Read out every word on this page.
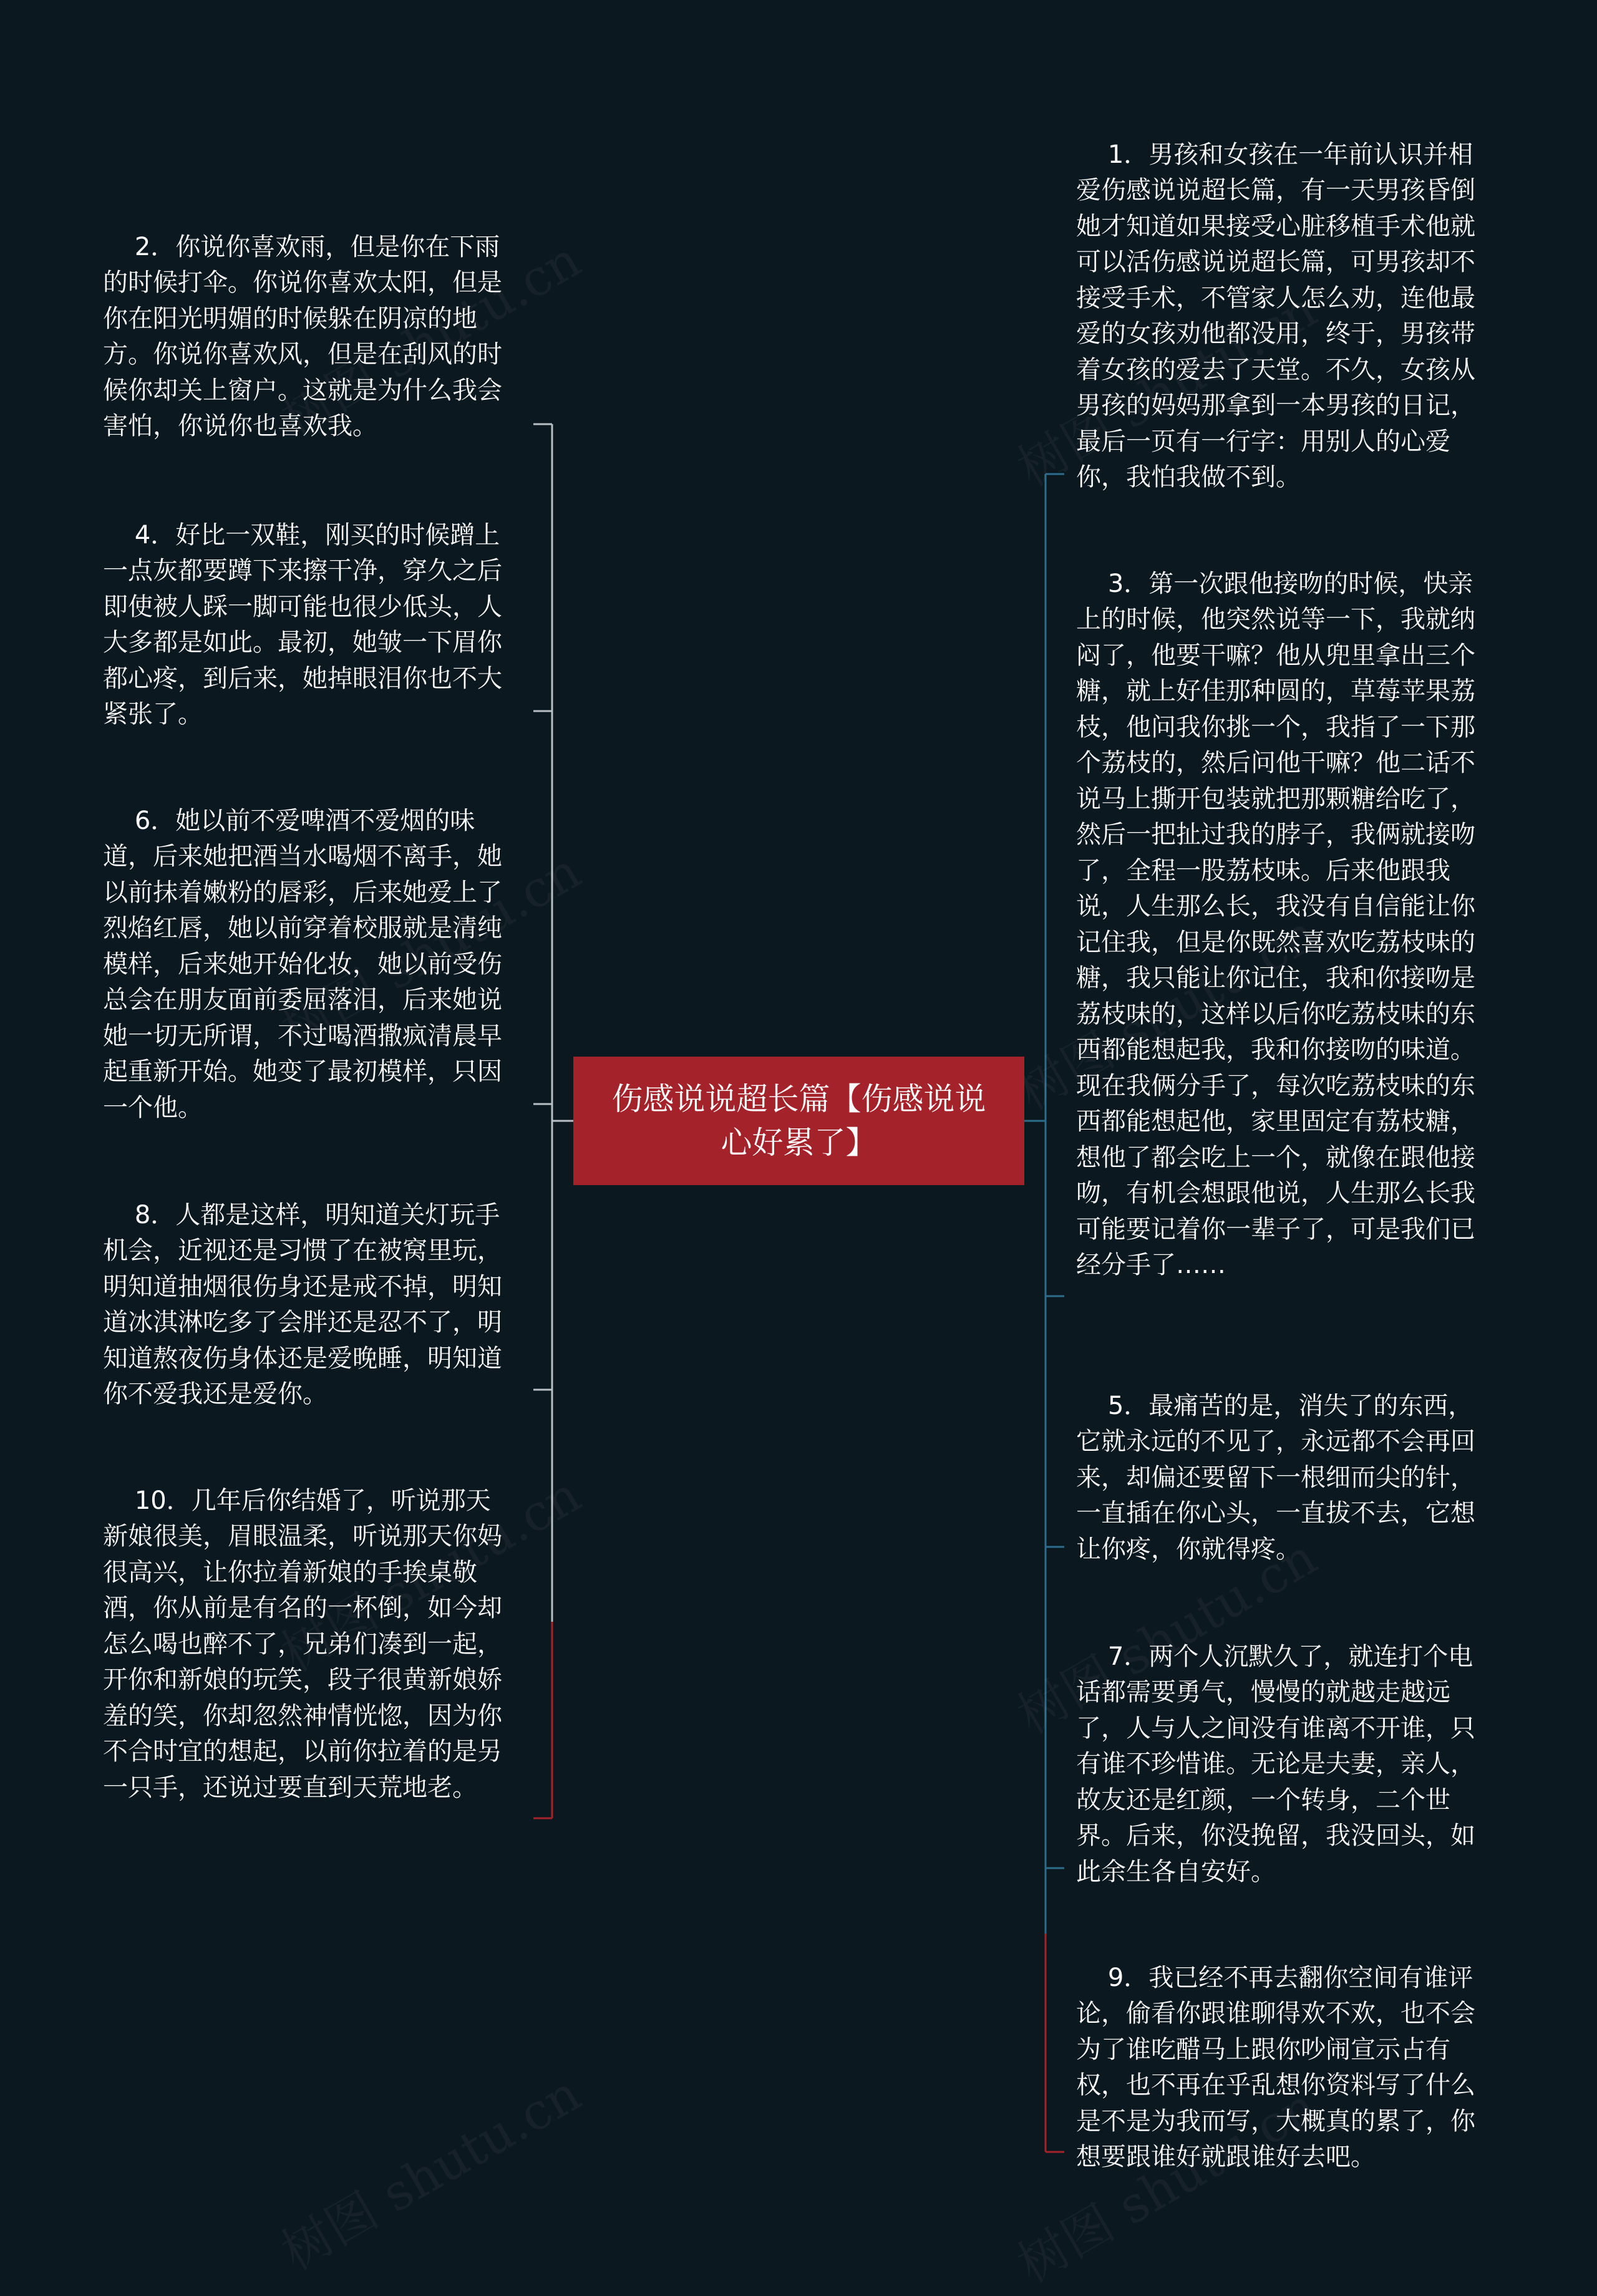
伤感说说超长篇【伤感说说心好累了】

2．你说你喜欢雨，但是你在下雨的时候打伞。你说你喜欢太阳，但是你在阳光明媚的时候躲在阴凉的地方。你说你喜欢风，但是在刮风的时候你却关上窗户。这就是为什么我会害怕，你说你也喜欢我。

4．好比一双鞋，刚买的时候蹭上一点灰都要蹲下来擦干净，穿久之后即使被人踩一脚可能也很少低头，人大多都是如此。最初，她皱一下眉你都心疼，到后来，她掉眼泪你也不大紧张了。

6．她以前不爱啤酒不爱烟的味道，后来她把酒当水喝烟不离手，她以前抹着嫩粉的唇彩，后来她爱上了烈焰红唇，她以前穿着校服就是清纯模样，后来她开始化妆，她以前受伤总会在朋友面前委屈落泪，后来她说她一切无所谓，不过喝酒撒疯清晨早起重新开始。她变了最初模样，只因一个他。

8．人都是这样，明知道关灯玩手机会，近视还是习惯了在被窝里玩，明知道抽烟很伤身还是戒不掉，明知道冰淇淋吃多了会胖还是忍不了，明知道熬夜伤身体还是爱晚睡，明知道你不爱我还是爱你。

10．几年后你结婚了，听说那天新娘很美，眉眼温柔，听说那天你妈很高兴，让你拉着新娘的手挨桌敬酒，你从前是有名的一杯倒，如今却怎么喝也醉不了，兄弟们凑到一起，开你和新娘的玩笑，段子很黄新娘娇羞的笑，你却忽然神情恍惚，因为你不合时宜的想起，以前你拉着的是另一只手，还说过要直到天荒地老。

1．男孩和女孩在一年前认识并相爱伤感说说超长篇，有一天男孩昏倒她才知道如果接受心脏移植手术他就可以活伤感说说超长篇，可男孩却不接受手术，不管家人怎么劝，连他最爱的女孩劝他都没用，终于，男孩带着女孩的爱去了天堂。不久，女孩从男孩的妈妈那拿到一本男孩的日记，最后一页有一行字：用别人的心爱你，我怕我做不到。

3．第一次跟他接吻的时候，快亲上的时候，他突然说等一下，我就纳闷了，他要干嘛？他从兜里拿出三个糖，就上好佳那种圆的，草莓苹果荔枝，他问我你挑一个，我指了一下那个荔枝的，然后问他干嘛？他二话不说马上撕开包装就把那颗糖给吃了，然后一把扯过我的脖子，我俩就接吻了，全程一股荔枝味。后来他跟我说，人生那么长，我没有自信能让你记住我，但是你既然喜欢吃荔枝味的糖，我只能让你记住，我和你接吻是荔枝味的，这样以后你吃荔枝味的东西都能想起我，我和你接吻的味道。现在我俩分手了，每次吃荔枝味的东西都能想起他，家里固定有荔枝糖，想他了都会吃上一个，就像在跟他接吻，有机会想跟他说，人生那么长我可能要记着你一辈子了，可是我们已经分手了……

5．最痛苦的是，消失了的东西，它就永远的不见了，永远都不会再回来，却偏还要留下一根细而尖的针，一直插在你心头，一直拔不去，它想让你疼，你就得疼。

7．两个人沉默久了，就连打个电话都需要勇气，慢慢的就越走越远了，人与人之间没有谁离不开谁，只有谁不珍惜谁。无论是夫妻，亲人，故友还是红颜，一个转身，二个世界。后来，你没挽留，我没回头，如此余生各自安好。

9．我已经不再去翻你空间有谁评论，偷看你跟谁聊得欢不欢，也不会为了谁吃醋马上跟你吵闹宣示占有权，也不再在乎乱想你资料写了什么是不是为我而写，大概真的累了，你想要跟谁好就跟谁好去吧。
